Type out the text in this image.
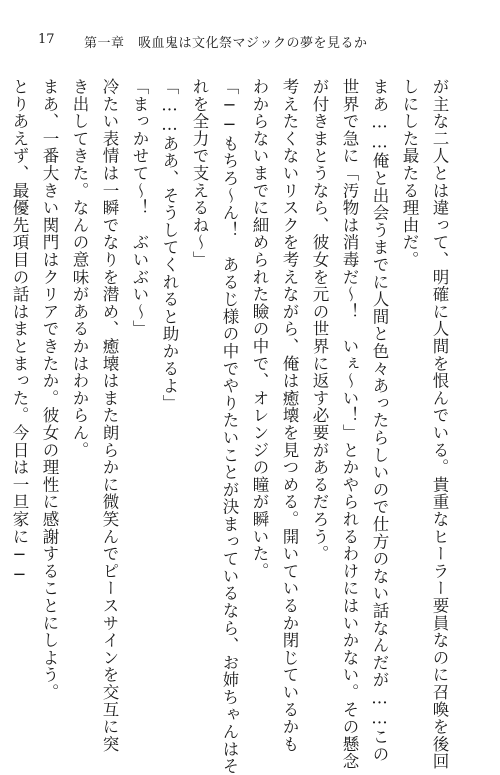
17 第一章　吸血鬼は文化祭マジックの夢を見るか
が主な二人とは違って、明確に人間を恨んでいる。貴重なヒーラー要員なのに召喚を後回
しにした最たる理由だ。
まあ……俺と出会うまでに人間と色々あったらしいので仕方のない話なんだが……この
世界で急に「汚物は消毒だ～！　いぇ～い！」とかやられるわけにはいかない。その懸念
が付きまとうなら、彼女を元の世界に返す必要があるだろう。
考えたくないリスクを考えながら、俺は癒壊を見つめる。開いているか閉じているかも
わからないまでに細められた瞼の中で、オレンジの瞳が瞬いた。
「──もちろ～ん！　あるじ様の中でやりたいことが決まっているなら、お姉ちゃんはそ
れを全力で支えるね～」
「……ああ、そうしてくれると助かるよ」
「まっかせて～！　ぶいぶい～」
冷たい表情は一瞬でなりを潜め、癒壊はまた朗らかに微笑んでピースサインを交互に突
き出してきた。なんの意味があるかはわからん。
まあ、一番大きい関門はクリアできたか。彼女の理性に感謝することにしよう。
とりあえず、最優先項目の話はまとまった。今日は一旦家に──
